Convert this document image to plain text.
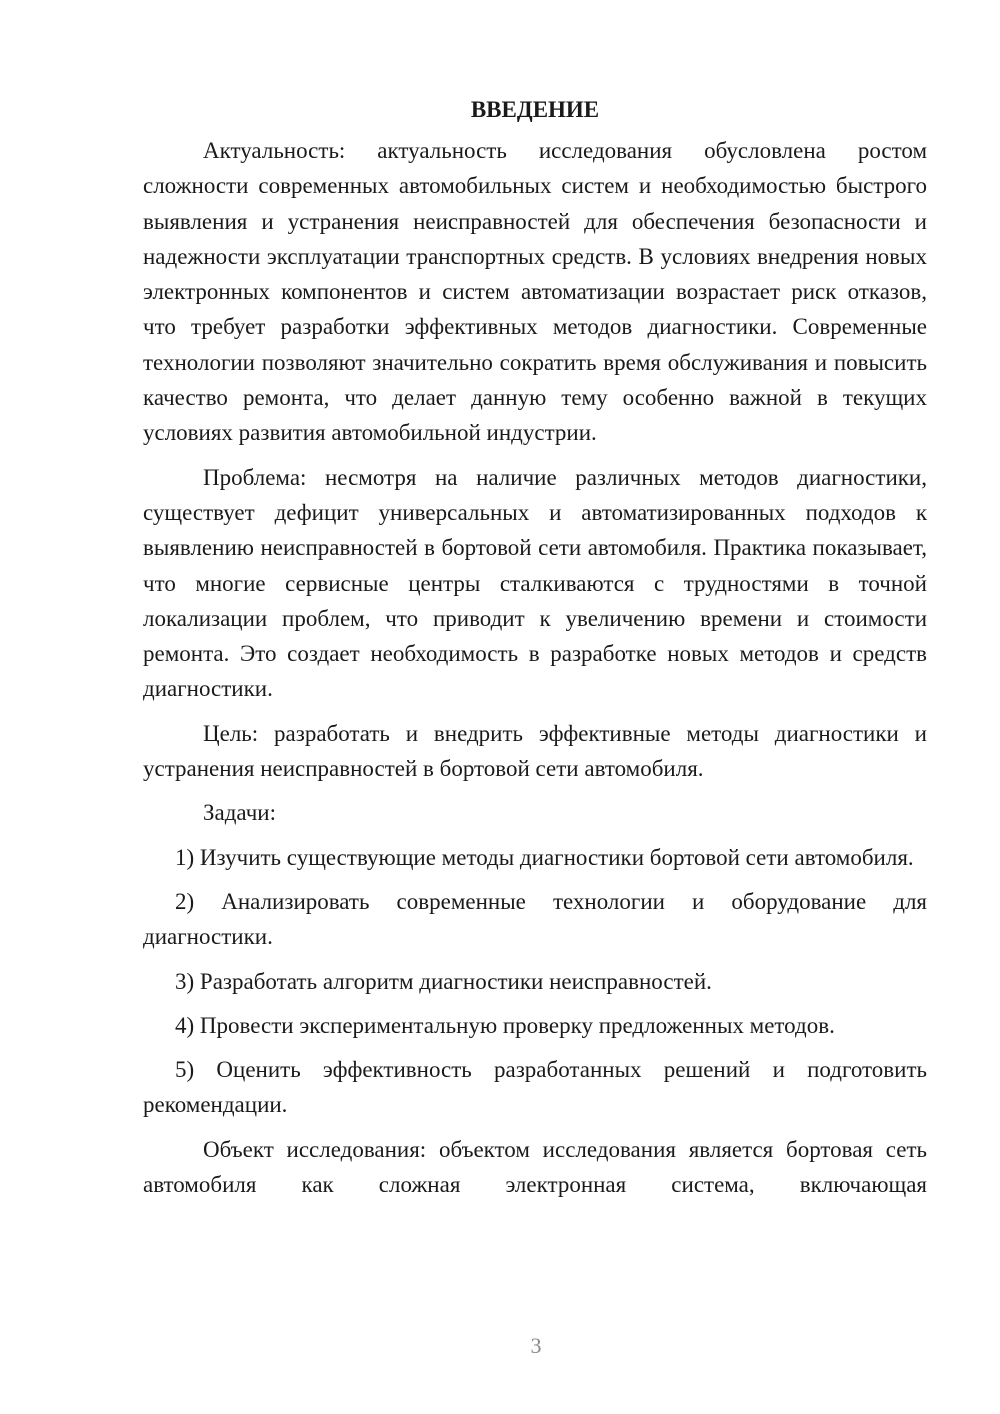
ВВЕДЕНИЕ

Актуальность: актуальность исследования обусловлена ростом сложности современных автомобильных систем и необходимостью быстрого выявления и устранения неисправностей для обеспечения безопасности и надежности эксплуатации транспортных средств. В условиях внедрения новых электронных компонентов и систем автоматизации возрастает риск отказов, что требует разработки эффективных методов диагностики. Современные технологии позволяют значительно сократить время обслуживания и повысить качество ремонта, что делает данную тему особенно важной в текущих условиях развития автомобильной индустрии.

Проблема: несмотря на наличие различных методов диагностики, существует дефицит универсальных и автоматизированных подходов к выявлению неисправностей в бортовой сети автомобиля. Практика показывает, что многие сервисные центры сталкиваются с трудностями в точной локализации проблем, что приводит к увеличению времени и стоимости ремонта. Это создает необходимость в разработке новых методов и средств диагностики.

Цель: разработать и внедрить эффективные методы диагностики и устранения неисправностей в бортовой сети автомобиля.

Задачи:

1) Изучить существующие методы диагностики бортовой сети автомобиля.

2) Анализировать современные технологии и оборудование для диагностики.

3) Разработать алгоритм диагностики неисправностей.

4) Провести экспериментальную проверку предложенных методов.

5) Оценить эффективность разработанных решений и подготовить рекомендации.

Объект исследования: объектом исследования является бортовая сеть автомобиля как сложная электронная система, включающая

3
